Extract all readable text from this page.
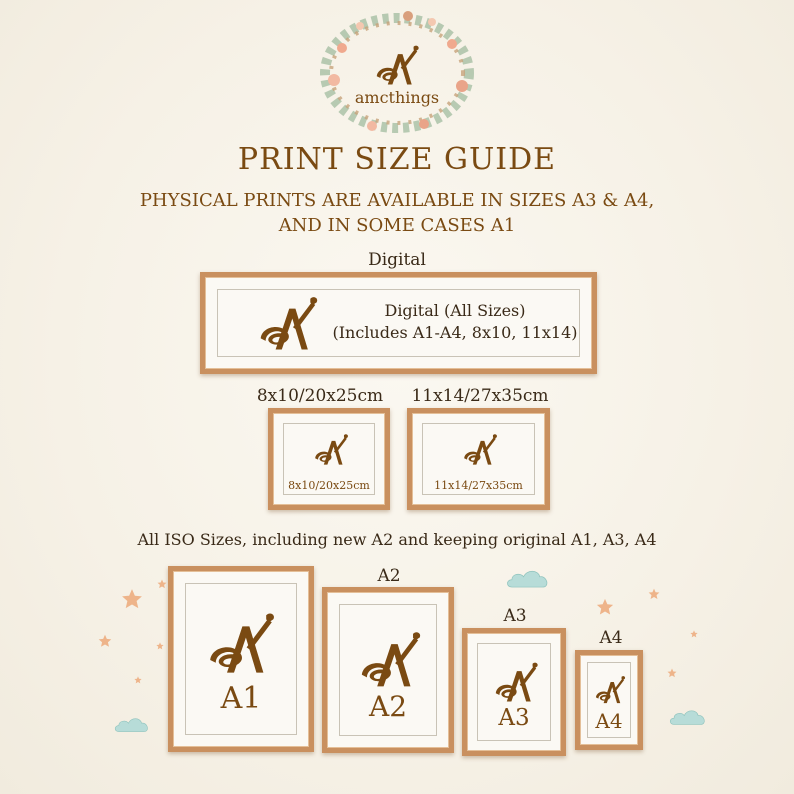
amcthings
PRINT SIZE GUIDE
PHYSICAL PRINTS ARE AVAILABLE IN SIZES A3 & A4,
AND IN SOME CASES A1
Digital
Digital (All Sizes)
(Includes A1-A4, 8x10, 11x14)
8x10/20x25cm	11x14/27x35cm
8x10/20x25cm	11x14/27x35cm
All ISO Sizes, including new A2 and keeping original A1, A3, A4
A1
A2
A2
A3
A3
A4
A4
